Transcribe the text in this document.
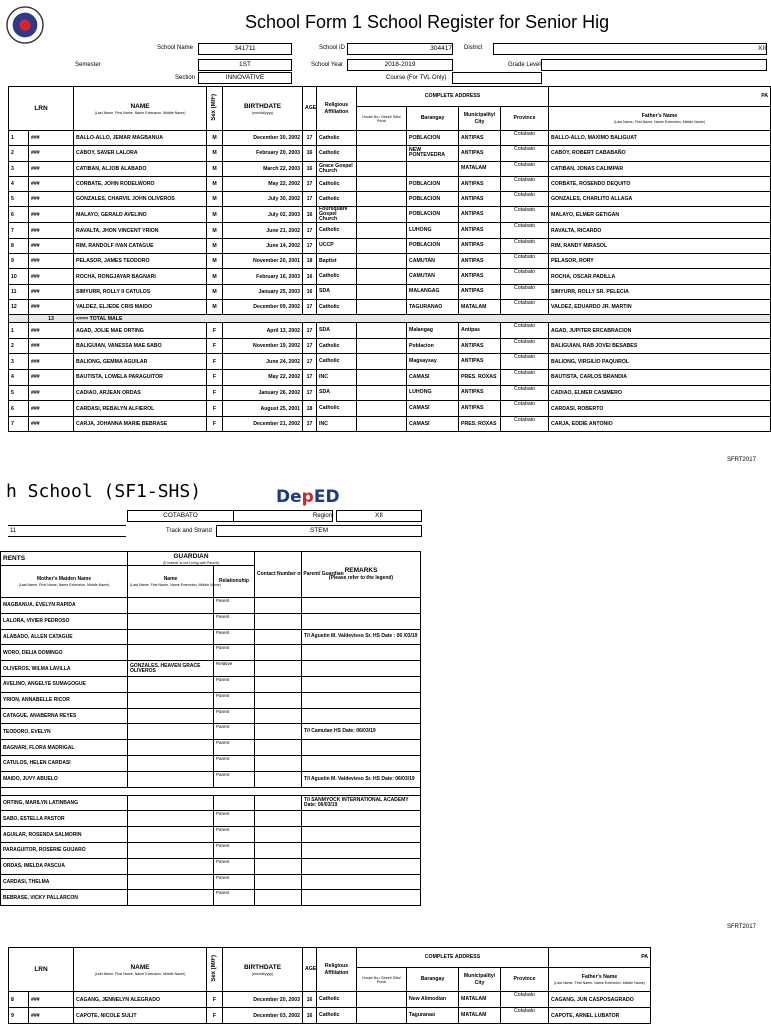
School Form 1 School Register for Senior Hig
School Name	341711	School ID	304417 District	XII
Semester	1ST	School Year	2018-2019	Grade Level
Section	INNOVATIVE	Course (For TVL Only)
LRN		NAME
(Last Name, First Name, Name Extension, Middle Name)	Sex (M/F)	BIRTHDATE
(mm/dd/yyyy)	AGE	Religious Affiliation	COMPLETE ADDRESS				PA

							House No./ Street/ Sitio/ Purok	Barangay	Municipality/ City	Province	Father's Name
(Last Name, First Name, Name Extension, Middle Name)

1	###	BALLO-ALLO, JEMAR MAGBANUA	M	December 30, 2002	17	Catholic		POBLACION	ANTIPAS	Cotabato	BALLO-ALLO, MAXIMO BALIGUAT
2	###	CABOY, SAVER LALORA	M	February 20, 2003	16	Catholic		NEW PONTEVEDRA	ANTIPAS	Cotabato	CABOY, ROBERT CABABAÑO
3	###	CATIBAN, ALJOB ALABADO	M	March 22, 2003	16	Grace Gospel Church			MATALAM	Cotabato	CATIBAN, JONAS CALIMPAR
4	###	CORBATE, JOHN RODELWORO	M	May 22, 2002	17	Catholic		POBLACION	ANTIPAS	Cotabato	CORBATE, ROSENDO DEQUITO
5	###	GONZALES, CHARVIL JOHN OLIVEROS	M	July 30, 2002	17	Catholic		POBLACION	ANTIPAS	Cotabato	GONZALES, CHARLITO ALLAGA
6	###	MALAYO, GERALD AVELINO	M	July 02, 2003	16	Foursquare Gospel Church		POBLACION	ANTIPAS	Cotabato	MALAYO, ELMER GETIGAN
7	###	RAVALTA, JHON VINCENT YRION	M	June 21, 2002	17	Catholic		LUHONG	ANTIPAS	Cotabato	RAVALTA, RICARDO
8	###	RIM, RANDOLF IVAN CATAGUE	M	June 14, 2002	17	UCCP		POBLACION	ANTIPAS	Cotabato	RIM, RANDY MIRASOL
9	###	PELASOR, JAMES TEODORO	M	November 20, 2001	18	Baptist		CAMUTAN	ANTIPAS	Cotabato	PELASOR, RORY
10	###	ROCHA, RONGJAYAR BAGNARI	M	February 16, 2003	16	Catholic		CAMUTAN	ANTIPAS	Cotabato	ROCHA, OSCAR PADILLA
11	###	SIMYURR, ROLLY II CATULOS	M	January 25, 2003	16	SDA		MALANGAG	ANTIPAS	Cotabato	SIMYURR, ROLLY SR. PELECIA
12	###	VALDEZ, ELJEDE CRIS MAIDO	M	December 09, 2002	17	Catholic		TAGURANAO	MATALAM	Cotabato	VALDEZ, EDUARDO JR. MARTIN
	13	<=== TOTAL MALE									
1	###	AGAD, JOLIE MAE ORTING	F	April 13, 2002	17	SDA		Malangag	Antipas	Cotabato	AGAD, JUPITER ERCABRACION
2	###	BALIGUIAN, VANESSA MAE SABO	F	November 19, 2002	17	Catholic		Poblacion	ANTIPAS	Cotabato	BALIGUIAN, RAB JOVEI BESABES
3	###	BALIONG, GEMMA AGUILAR	F	June 24, 2002	17	Catholic		Magsaysay	ANTIPAS	Cotabato	BALIONG, VIRGILIO PAQUIROL
4	###	BAUTISTA, LOWELA PARAGUITOR	F	May 22, 2002	17	INC		CAMASI	PRES. ROXAS	Cotabato	BAUTISTA, CARLOS BRANDIA
5	###	CADIAO, ARJEAN ORDAS	F	January 26, 2002	17	SDA		LUHONG	ANTIPAS	Cotabato	CADIAO, ELMER CASIMERO
6	###	CARDASI, REBALYN ALFIEROL	F	August 25, 2001	18	Catholic		CAMASI	ANTIPAS	Cotabato	CARDASI, ROBERTO
7	###	CARJA, JOHANNA MARIE BEBRASE	F	December 21, 2002	17	INC		CAMASI	PRES. ROXAS	Cotabato	CARJA, EDDIE ANTONIO
SFRT2017
h School (SF1-SHS)	DepED
COTABATO	Region	XII
11	Track and Strand	STEM
RENTS	GUARDIAN
(If learner is not Living with Parent)		Contact Number of Parent/ Guardian	REMARKS
(Please refer to the legend)
Mother's Maiden Name
(Last Name, First Name, Name Extension, Middle Name)	Name
(Last Name, First Name, Name Extension, Middle Name)	Relationship		
MAGBANUA, EVELYN RAPIDA		Parent		
LALORA, VIVIER PEDROSO		Parent		
ALABADO, ALLEN CATAGUE		Parent		T/I Agustin M. Valdevieso Sr. HS Date : 06 /03/19
WORO, DELIA DOMINGO		Parent		
OLIVEROS, WILMA LAVILLA	GONZALES, HEAVEN GRACE OLIVEROS	Relative		
AVELINO, ANGELYE SUMAGOGUE		Parent		
YRION, ANNABELLE RICOR		Parent		
CATAGUE, ANABERNA REYES		Parent		
TEODORO, EVELYN		Parent		T/I Camutan HS Date: 06/03/19
BAGNARI, FLORA MADRIGAL		Parent		
CATULOS, HELEN CARDASI		Parent		
MAIDO, JUVY ABUELO		Parent		T/I Agustin M. Valdevieso Sr. HS Date: 06/03/19

ORTING, MARILYN LATINBANG				T/I SANMYOCK INTERNATIONAL ACADEMY Date: 06/03/19
SABO, ESTELLA PASTOR		Parent		
AGUILAR, ROSENDA SALMORIN		Parent		
PARAGUITOR, ROSERIE GUIJARO		Parent		
ORDAS, IMELDA PASCUA		Parent		
CARDASI, THELMA		Parent		
BEBRASE, VICKY PALLARCON		Parent		
SFRT2017
LRN		NAME
(Last Name, First Name, Name Extension, Middle Name)	Sex (M/F)	BIRTHDATE
(mm/dd/yyyy)	AGE	Religious Affiliation	COMPLETE ADDRESS				PA

							House No./ Street/ Sitio/ Purok	Barangay	Municipality/ City	Province	Father's Name
(Last Name, First Name, Name Extension, Middle Name)

8	###	CAGANG, JENNELYN ALEGRADO	F	December 20, 2003	16	Catholic		New Alimodian	MATALAM	Cotabato	CAGANG, JUN CASPOSAGRADO
9	###	CAPOTE, NICOLE SULIT	F	December 03, 2002	16	Catholic		Taguranao	MATALAM	Cotabato	CAPOTE, ARNEL LUBATOR
